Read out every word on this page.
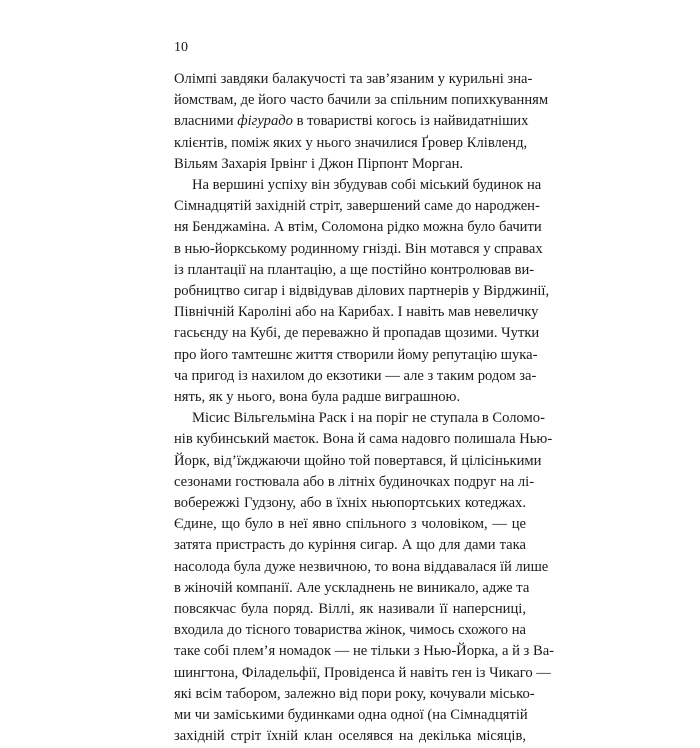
10
Олімпі завдяки балакучості та зав’язаним у курильні зна-
йомствам, де його часто бачили за спільним попихкуванням
власними фігурадо в товаристві когось із найвидатніших
клієнтів, поміж яких у нього значилися Ґровер Клівленд,
Вільям Захарія Ірвінг і Джон Пірпонт Морган.
На вершині успіху він збудував собі міський будинок на
Сімнадцятій західній стріт, завершений саме до народжен-
ня Бенджаміна. А втім, Соломона рідко можна було бачити
в нью-йоркському родинному гнізді. Він мотався у справах
із плантації на плантацію, а ще постійно контролював ви-
робництво сигар і відвідував ділових партнерів у Вірджинії,
Північній Кароліні або на Карибах. І навіть мав невеличку
гасьєнду на Кубі, де переважно й пропадав щозими. Чутки
про його тамтешнє життя створили йому репутацію шука-
ча пригод із нахилом до екзотики — але з таким родом за-
нять, як у нього, вона була радше виграшною.
Місис Вільгельміна Раск і на поріг не ступала в Соломо-
нів кубинський маєток. Вона й сама надовго полишала Нью-
Йорк, від’їжджаючи щойно той повертався, й цілісінькими
сезонами гостювала або в літніх будиночках подруг на лі-
вобережжі Гудзону, або в їхніх ньюпортських котеджах.
Єдине, що було в неї явно спільного з чоловіком, — це
затята пристрасть до куріння сигар. А що для дами така
насолода була дуже незвичною, то вона віддавалася їй лише
в жіночій компанії. Але ускладнень не виникало, адже та
повсякчас була поряд. Віллі, як називали її наперсниці,
входила до тісного товариства жінок, чимось схожого на
таке собі плем’я номадок — не тільки з Нью-Йорка, а й з Ва-
шингтона, Філадельфії, Провіденса й навіть ген із Чикаго —
які всім табором, залежно від пори року, кочували місько-
ми чи заміськими будинками одна одної (на Сімнадцятій
західній стріт їхній клан оселявся на декілька місяців,
